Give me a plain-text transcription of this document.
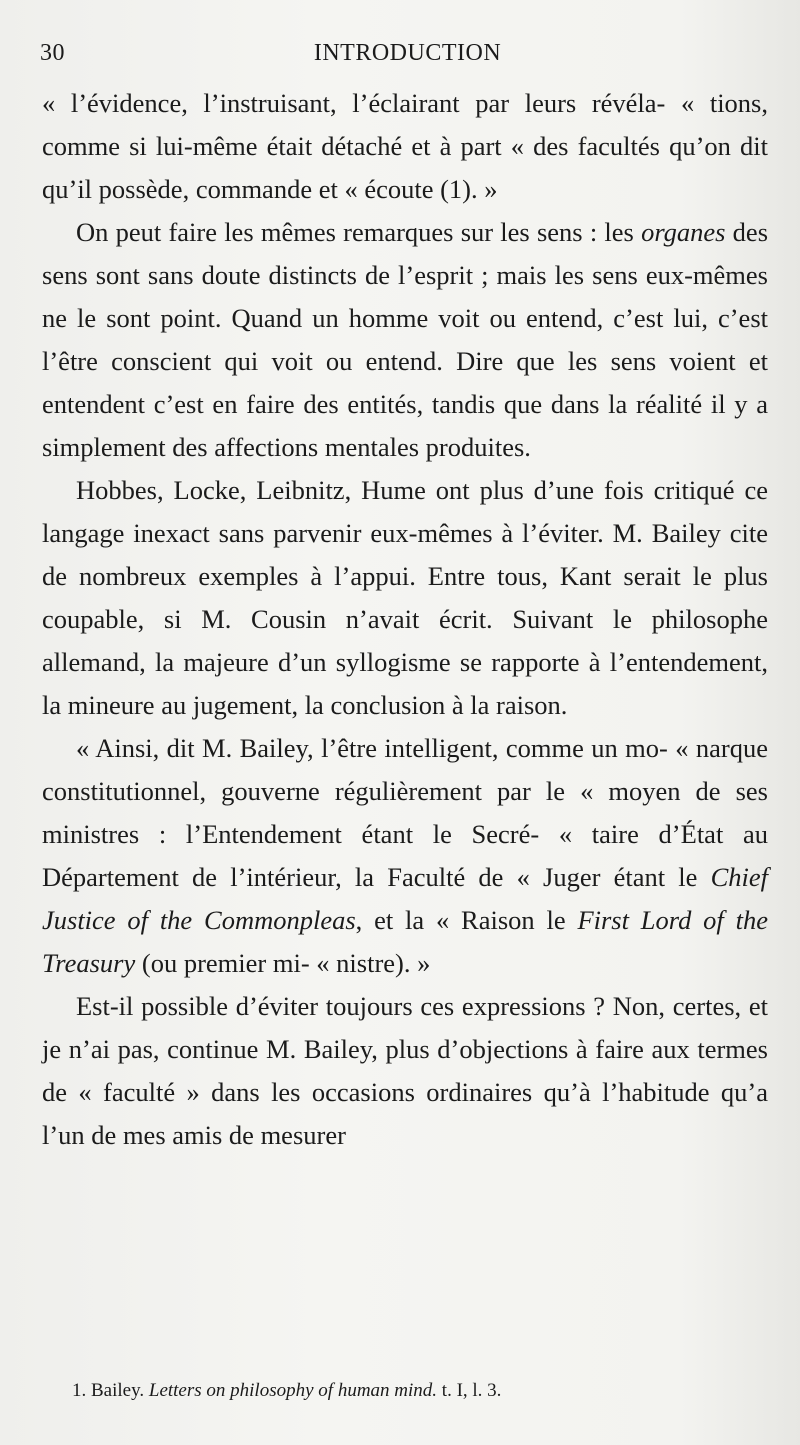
30	INTRODUCTION

« l’évidence, l’instruisant, l’éclairant par leurs révéla- « tions, comme si lui-même était détaché et à part « des facultés qu’on dit qu’il possède, commande et « écoute (1). »

On peut faire les mêmes remarques sur les sens : les organes des sens sont sans doute distincts de l’esprit ; mais les sens eux-mêmes ne le sont point. Quand un homme voit ou entend, c’est lui, c’est l’être conscient qui voit ou entend. Dire que les sens voient et entendent c’est en faire des entités, tandis que dans la réalité il y a simplement des affections mentales produites.

Hobbes, Locke, Leibnitz, Hume ont plus d’une fois critiqué ce langage inexact sans parvenir eux-mêmes à l’éviter. M. Bailey cite de nombreux exemples à l’appui. Entre tous, Kant serait le plus coupable, si M. Cousin n’avait écrit. Suivant le philosophe allemand, la majeure d’un syllogisme se rapporte à l’entendement, la mineure au jugement, la conclusion à la raison.

« Ainsi, dit M. Bailey, l’être intelligent, comme un mo- « narque constitutionnel, gouverne régulièrement par le « moyen de ses ministres : l’Entendement étant le Secré- « taire d’État au Département de l’intérieur, la Faculté de « Juger étant le Chief Justice of the Commonpleas, et la « Raison le First Lord of the Treasury (ou premier mi- « nistre). »

Est-il possible d’éviter toujours ces expressions ? Non, certes, et je n’ai pas, continue M. Bailey, plus d’objections à faire aux termes de « faculté » dans les occasions ordinaires qu’à l’habitude qu’a l’un de mes amis de mesurer

1. Bailey. Letters on philosophy of human mind. t. I, l. 3.
